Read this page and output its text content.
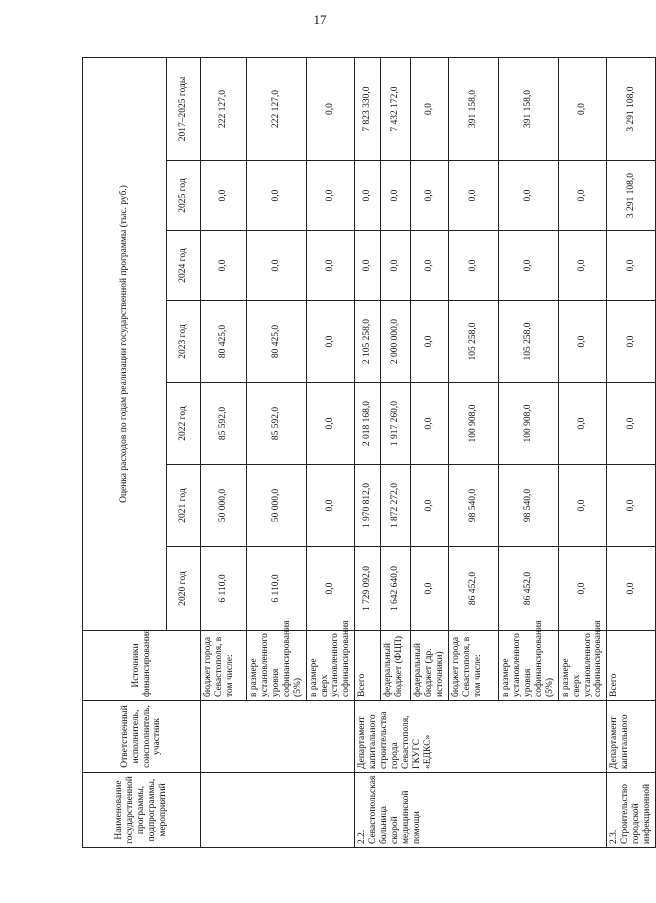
17
Наименование государственной программы, подпрограммы, мероприятий	Ответственный исполнитель, соисполнитель, участник	Источники финансирования	Оценка расходов по годам реализации государственной программы (тыс. руб.)						
			2020 год	2021 год	2022 год	2023 год	2024 год	2025 год	2017–2025 годы
		бюджет города Севастополя, в том числе:	6 110,0	50 000,0	85 592,0	80 425,0	0,0	0,0	222 127,0
		в размере установленного уровня софинансирования (5%)	6 110,0	50 000,0	85 592,0	80 425,0	0,0	0,0	222 127,0
		в размере сверх установленного софинансирования	0,0	0,0	0,0	0,0	0,0	0,0	0,0
2.2. Севастопольская больница скорой медицинской помощи	Департамент капитального строительства города Севастополя, ГКУГС «ЕДКС»	Всего	1 729 092,0	1 970 812,0	2 018 168,0	2 105 258,0	0,0	0,0	7 823 330,0
		федеральный бюджет (ФЦП)	1 642 640,0	1 872 272,0	1 917 260,0	2 000 000,0	0,0	0,0	7 432 172,0
		федеральный бюджет (др. источники)	0,0	0,0	0,0	0,0	0,0	0,0	0,0
		бюджет города Севастополя, в том числе:	86 452,0	98 540,0	100 908,0	105 258,0	0,0	0,0	391 158,0
		в размере установленного уровня софинансирования (5%)	86 452,0	98 540,0	100 908,0	105 258,0	0,0	0,0	391 158,0
		в размере сверх установленного софинансирования	0,0	0,0	0,0	0,0	0,0	0,0	0,0
2.3. Строительство городской инфекционной	Департамент капитального	Всего	0,0	0,0	0,0	0,0	0,0	3 291 108,0	3 291 108,0
